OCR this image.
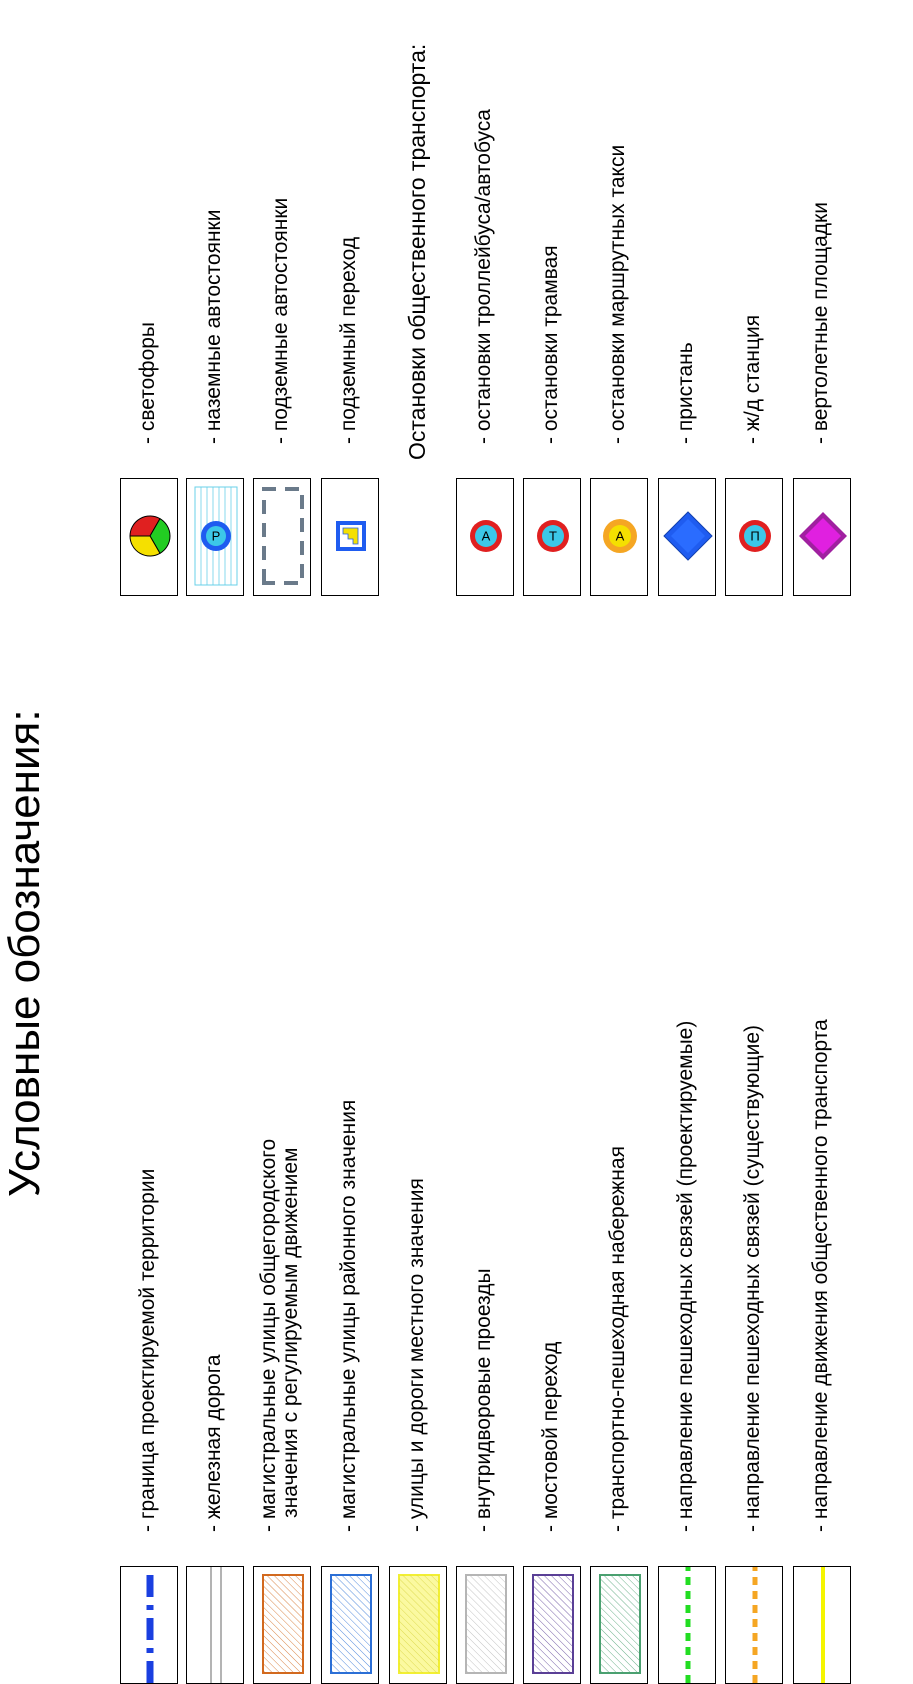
Условные обозначения:
- граница проектируемой территории - железная дорога - магистральные улицы общегородского значения с регулируемым движением - магистральные улицы районного значения - улицы и дороги местного значения - внутридворовые проезды - мостовой переход - транспортно-пешеходная набережная - направление пешеходных связей (проектируемые) - направление пешеходных связей (существующие) - направление движения общественного транспорта
- светофоры
P
- наземные автостоянки - подземные автостоянки - подземный переход Остановки общественного транспорта:
А
- остановки троллейбуса/автобуса
Т
- остановки трамвая
А
- остановки маршрутных такси - пристань
П
- ж/д станция - вертолетные площадки
